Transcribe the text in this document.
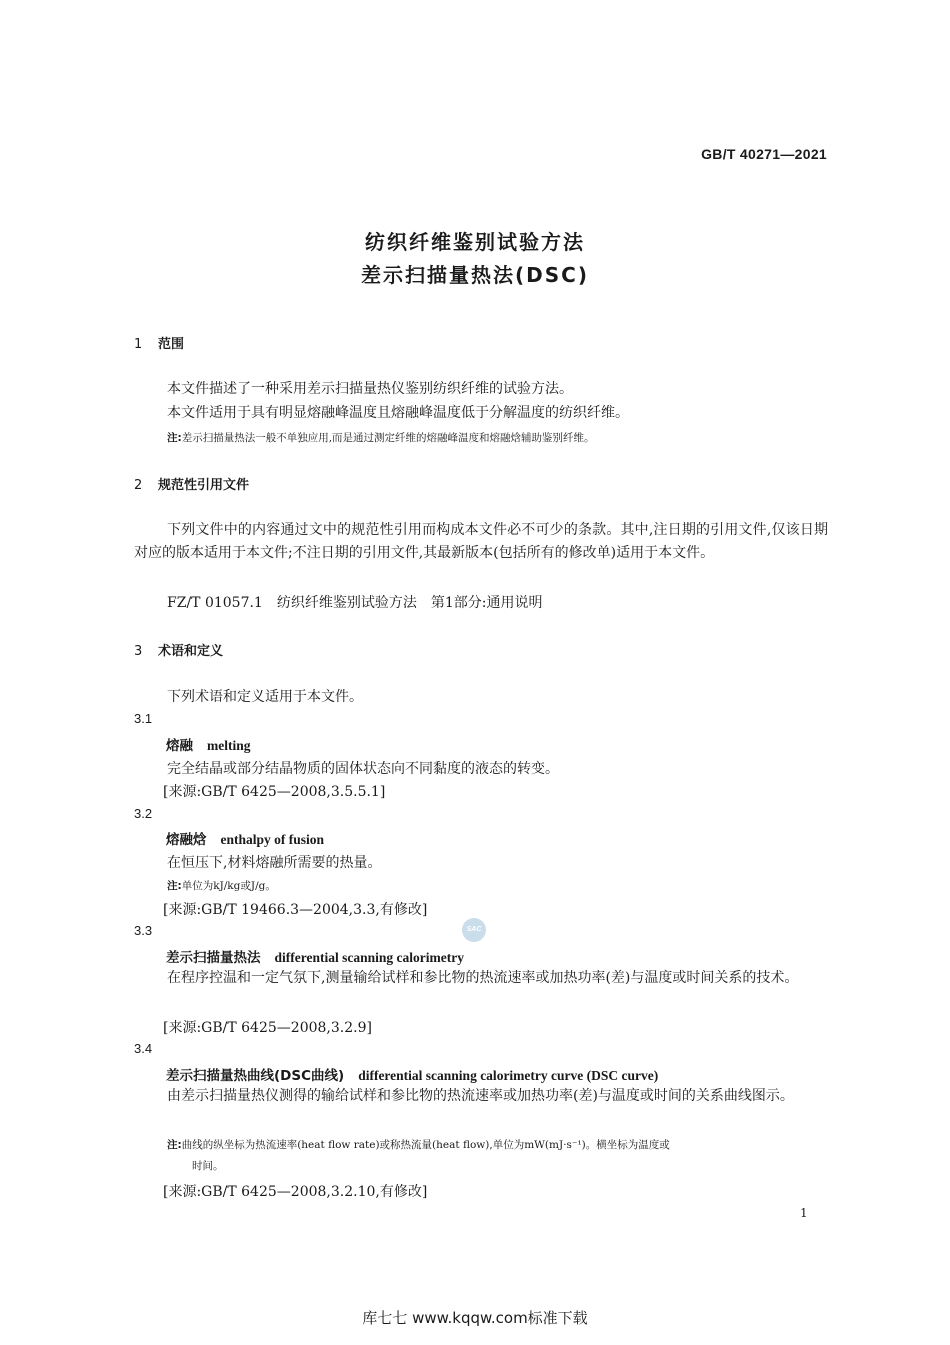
GB/T 40271—2021
纺织纤维鉴别试验方法
差示扫描量热法(DSC)
1 范围
本文件描述了一种采用差示扫描量热仪鉴别纺织纤维的试验方法。
本文件适用于具有明显熔融峰温度且熔融峰温度低于分解温度的纺织纤维。
注:差示扫描量热法一般不单独应用,而是通过测定纤维的熔融峰温度和熔融焓辅助鉴别纤维。
2 规范性引用文件
下列文件中的内容通过文中的规范性引用而构成本文件必不可少的条款。其中,注日期的引用文件,仅该日期对应的版本适用于本文件;不注日期的引用文件,其最新版本(包括所有的修改单)适用于本文件。
FZ/T 01057.1　纺织纤维鉴别试验方法　第1部分:通用说明
3 术语和定义
下列术语和定义适用于本文件。
3.1
熔融 melting
完全结晶或部分结晶物质的固体状态向不同黏度的液态的转变。
[来源:GB/T 6425—2008,3.5.5.1]
3.2
熔融焓 enthalpy of fusion
在恒压下,材料熔融所需要的热量。
注:单位为kJ/kg或J/g。
[来源:GB/T 19466.3—2004,3.3,有修改]
SAC
3.3
差示扫描量热法 differential scanning calorimetry
在程序控温和一定气氛下,测量输给试样和参比物的热流速率或加热功率(差)与温度或时间关系的技术。
[来源:GB/T 6425—2008,3.2.9]
3.4
差示扫描量热曲线(DSC曲线) differential scanning calorimetry curve (DSC curve)
由差示扫描量热仪测得的输给试样和参比物的热流速率或加热功率(差)与温度或时间的关系曲线图示。
注:曲线的纵坐标为热流速率(heat flow rate)或称热流量(heat flow),单位为mW(mJ·s⁻¹)。横坐标为温度或
时间。
[来源:GB/T 6425—2008,3.2.10,有修改]
1
库七七 www.kqqw.com标准下载
